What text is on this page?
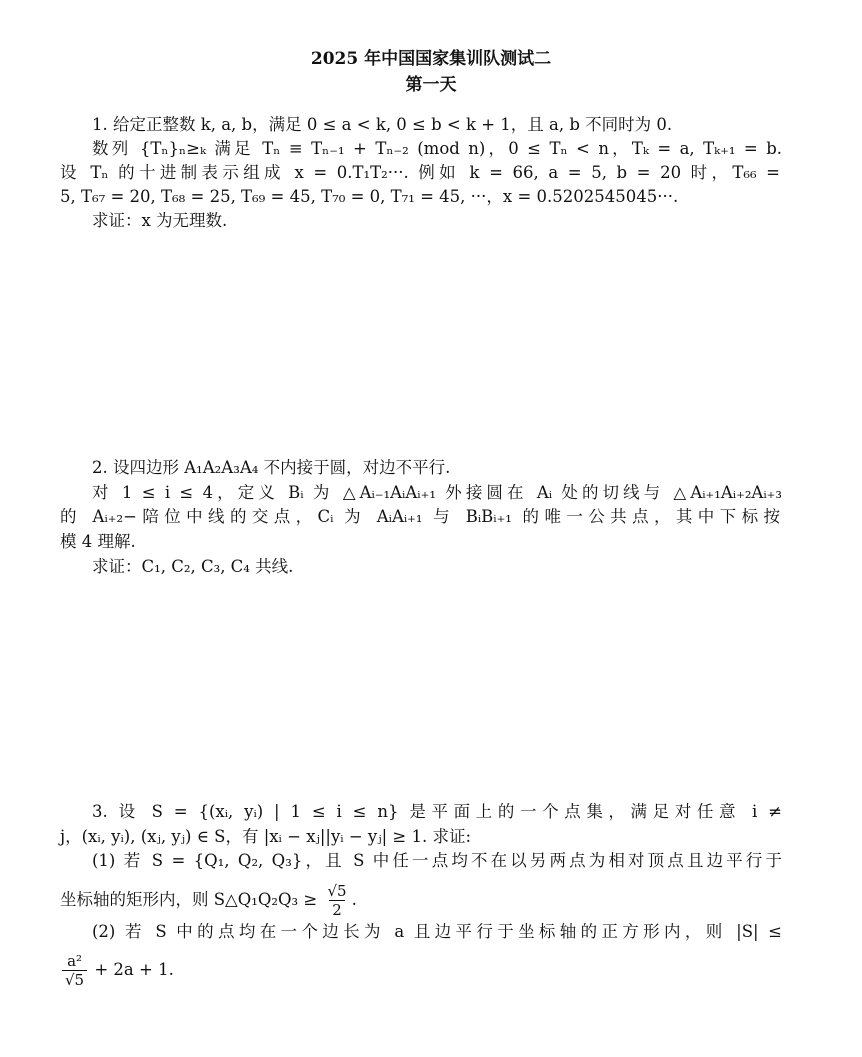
2025 年中国国家集训队测试二
第一天
1. 给定正整数 k, a, b，满足 0 ≤ a < k, 0 ≤ b < k + 1，且 a, b 不同时为 0.
数列 {Tₙ}ₙ≥ₖ 满足 Tₙ ≡ Tₙ₋₁ + Tₙ₋₂ (mod n)，0 ≤ Tₙ < n，Tₖ = a, Tₖ₊₁ = b.
设 Tₙ 的十进制表示组成 x = 0.T₁T₂···. 例如 k = 66, a = 5, b = 20 时，T₆₆ =
5, T₆₇ = 20, T₆₈ = 25, T₆₉ = 45, T₇₀ = 0, T₇₁ = 45, ···，x = 0.5202545045···.
求证：x 为无理数.
2. 设四边形 A₁A₂A₃A₄ 不内接于圆，对边不平行.
对 1 ≤ i ≤ 4，定义 Bᵢ 为 △Aᵢ₋₁AᵢAᵢ₊₁ 外接圆在 Aᵢ 处的切线与 △Aᵢ₊₁Aᵢ₊₂Aᵢ₊₃
的 Aᵢ₊₂−陪位中线的交点，Cᵢ 为 AᵢAᵢ₊₁ 与 BᵢBᵢ₊₁ 的唯一公共点，其中下标按
模 4 理解.
求证：C₁, C₂, C₃, C₄ 共线.
3. 设 S = {(xᵢ, yᵢ) | 1 ≤ i ≤ n} 是平面上的一个点集，满足对任意 i ≠
j，(xᵢ, yᵢ), (xⱼ, yⱼ) ∈ S，有 |xᵢ − xⱼ||yᵢ − yⱼ| ≥ 1. 求证:
(1) 若 S = {Q₁, Q₂, Q₃}，且 S 中任一点均不在以另两点为相对顶点且边平行于
坐标轴的矩形内，则 S△Q₁Q₂Q₃ ≥ $\frac{√5}{2}$ .
(2) 若 S 中的点均在一个边长为 a 且边平行于坐标轴的正方形内，则 |S| ≤
$\frac{\text{a²}}{√5} + 2a + 1$.
